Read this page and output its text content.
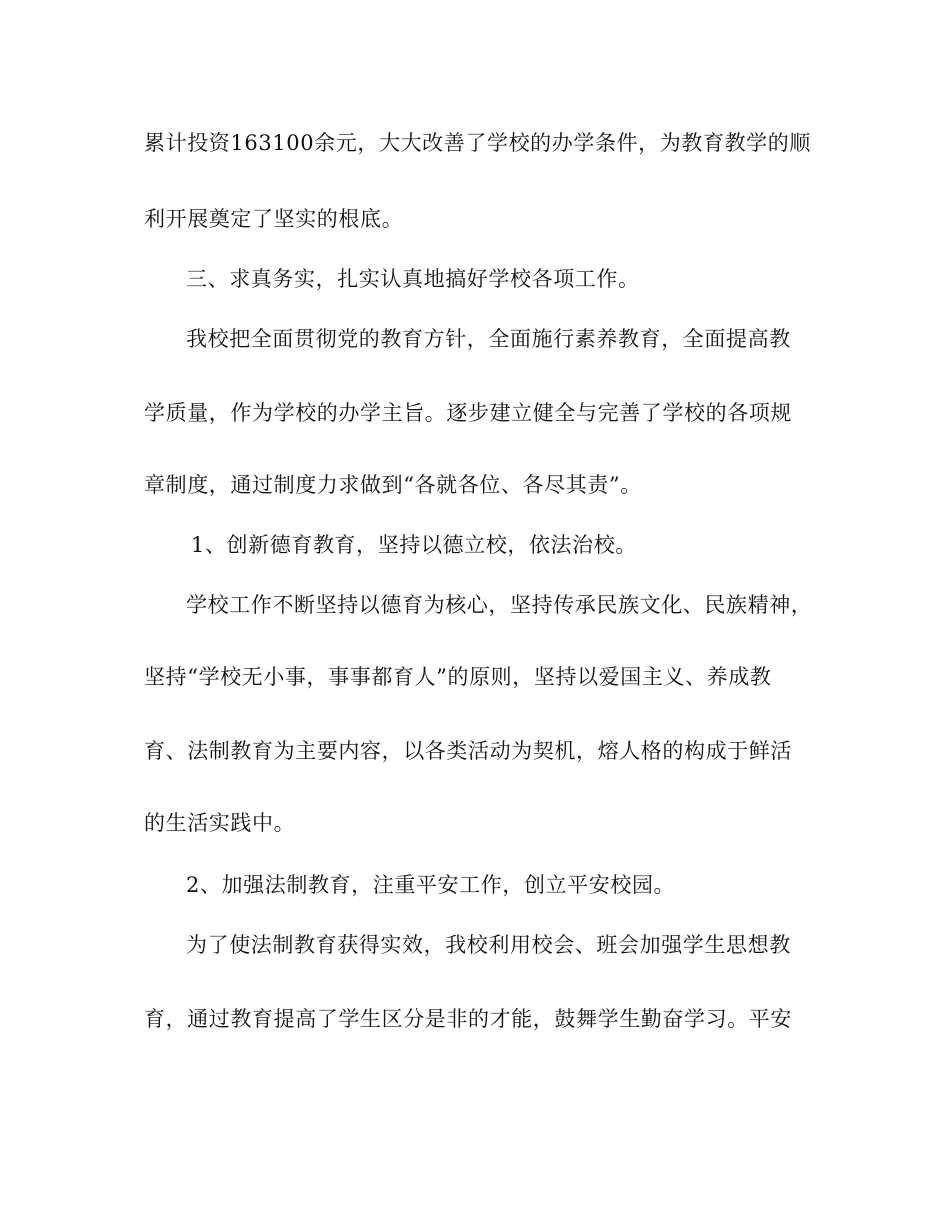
累计投资163100余元，大大改善了学校的办学条件，为教育教学的顺
利开展奠定了坚实的根底。
三、求真务实，扎实认真地搞好学校各项工作。
我校把全面贯彻党的教育方针，全面施行素养教育，全面提高教
学质量，作为学校的办学主旨。逐步建立健全与完善了学校的各项规
章制度，通过制度力求做到“各就各位、各尽其责”。
1、创新德育教育，坚持以德立校，依法治校。
学校工作不断坚持以德育为核心，坚持传承民族文化、民族精神，
坚持“学校无小事，事事都育人”的原则，坚持以爱国主义、养成教
育、法制教育为主要内容，以各类活动为契机，熔人格的构成于鲜活
的生活实践中。
2、加强法制教育，注重平安工作，创立平安校园。
为了使法制教育获得实效，我校利用校会、班会加强学生思想教
育，通过教育提高了学生区分是非的才能，鼓舞学生勤奋学习。平安
